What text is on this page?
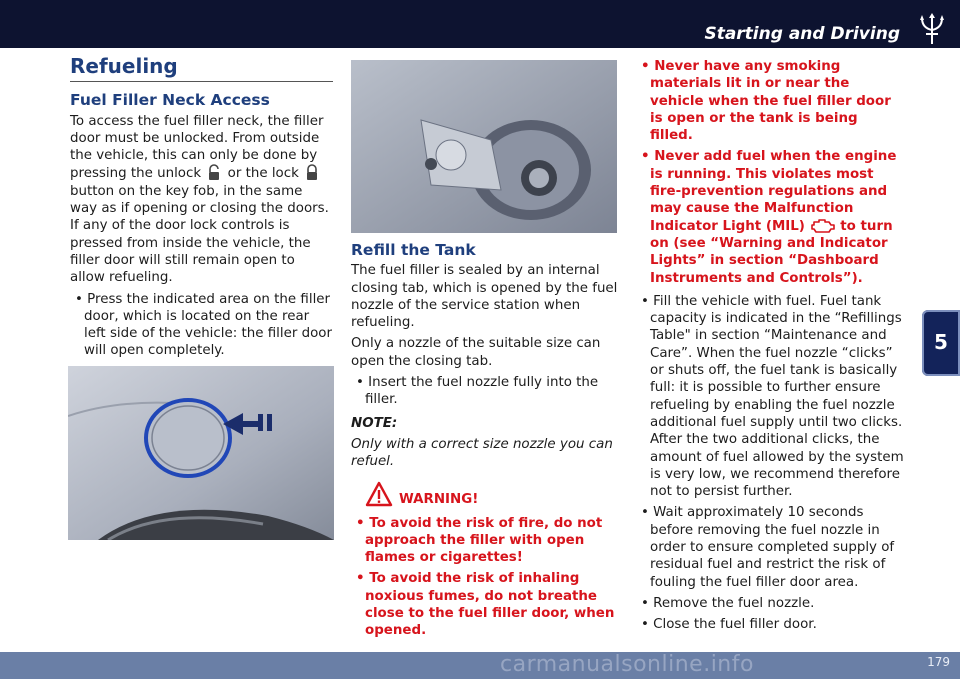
Starting and Driving
5
Refueling
Fuel Filler Neck Access

To access the fuel filler neck, the filler door must be unlocked. From outside the vehicle, this can only be done by pressing the unlock or the lock  button on the key fob, in the same way as if opening or closing the doors. If any of the door lock controls is pressed from inside the vehicle, the filler door will still remain open to allow refueling.

• Press the indicated area on the filler door, which is located on the rear left side of the vehicle: the filler door will open completely.

Refill the Tank

The fuel filler is sealed by an internal closing tab, which is opened by the fuel nozzle of the service station when refueling.

Only a nozzle of the suitable size can open the closing tab.

• Insert the fuel nozzle fully into the filler.

NOTE:

Only with a correct size nozzle you can refuel.

WARNING!

• To avoid the risk of fire, do not approach the filler with open flames or cigarettes!

• To avoid the risk of inhaling noxious fumes, do not breathe close to the fuel filler door, when opened.

• Never have any smoking materials lit in or near the vehicle when the fuel filler door is open or the tank is being filled.

• Never add fuel when the engine is running. This violates most fire-prevention regulations and may cause the Malfunction Indicator Light (MIL)	to turn on (see “Warning and Indicator Lights” in section “Dashboard Instruments and Controls”).

• Fill the vehicle with fuel. Fuel tank capacity is indicated in the “Refillings Table" in section “Maintenance and Care”. When the fuel nozzle “clicks” or shuts off, the fuel tank is basically full: it is possible to further ensure refueling by enabling the fuel nozzle additional fuel supply until two clicks. After the two additional clicks, the amount of fuel allowed by the system is very low, we recommend therefore not to persist further.

• Wait approximately 10 seconds before removing the fuel nozzle in order to ensure completed supply of residual fuel and restrict the risk of fouling the fuel filler door area.

• Remove the fuel nozzle.

• Close the fuel filler door.

carmanualsonline.info	179
